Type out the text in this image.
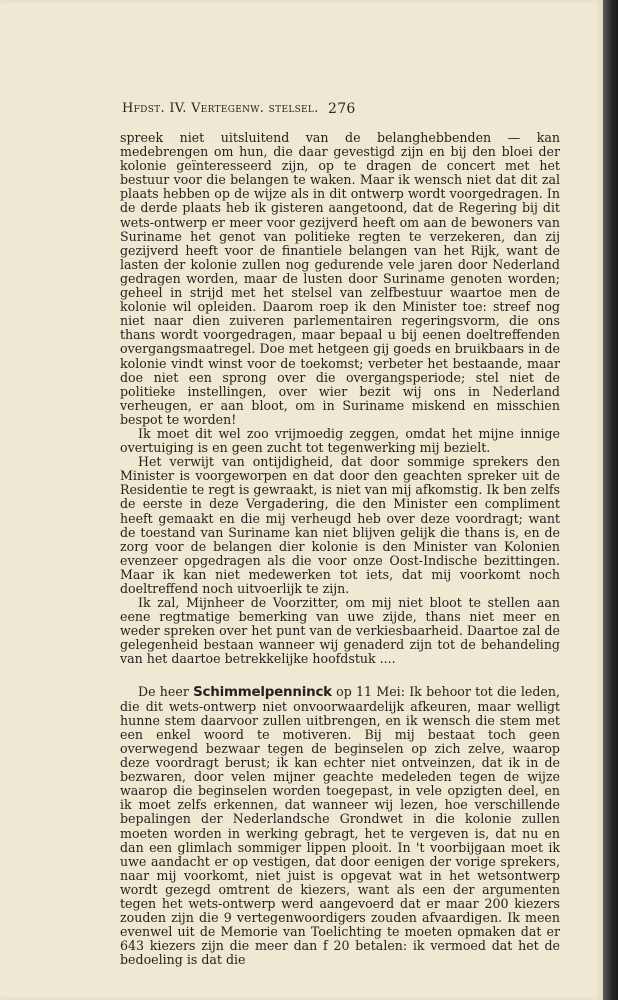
Hfdst. IV. Vertegenw. stelsel. 276

spreek niet uitsluitend van de belanghebbenden — kan medebrengen om hun, die daar gevestigd zijn en bij den bloei der kolonie geïnteresseerd zijn, op te dragen de concert met het bestuur voor die belangen te waken. Maar ik wensch niet dat dit zal plaats hebben op de wijze als in dit ontwerp wordt voorgedragen. In de derde plaats heb ik gisteren aangetoond, dat de Regering bij dit wets-ontwerp er meer voor gezijverd heeft om aan de bewoners van Suriname het genot van politieke regten te verzekeren, dan zij gezijverd heeft voor de finantiele belangen van het Rijk, want de lasten der kolonie zullen nog gedurende vele jaren door Nederland gedragen worden, maar de lusten door Suriname genoten worden; geheel in strijd met het stelsel van zelfbestuur waartoe men de kolonie wil opleiden. Daarom roep ik den Minister toe: streef nog niet naar dien zuiveren parlementairen regeringsvorm, die ons thans wordt voorgedragen, maar bepaal u bij eenen doeltreffenden overgangsmaatregel. Doe met hetgeen gij goeds en bruikbaars in de kolonie vindt winst voor de toekomst; verbeter het bestaande, maar doe niet een sprong over die overgangsperiode; stel niet de politieke instellingen, over wier bezit wij ons in Nederland verheugen, er aan bloot, om in Suriname miskend en misschien bespot te worden!

Ik moet dit wel zoo vrijmoedig zeggen, omdat het mijne innige overtuiging is en geen zucht tot tegenwerking mij bezielt.

Het verwijt van ontijdigheid, dat door sommige sprekers den Minister is voorgeworpen en dat door den geachten spreker uit de Residentie te regt is gewraakt, is niet van mij afkomstig. Ik ben zelfs de eerste in deze Vergadering, die den Minister een compliment heeft gemaakt en die mij verheugd heb over deze voordragt; want de toestand van Suriname kan niet blijven gelijk die thans is, en de zorg voor de belangen dier kolonie is den Minister van Kolonien evenzeer opgedragen als die voor onze Oost-Indische bezittingen. Maar ik kan niet medewerken tot iets, dat mij voorkomt noch doeltreffend noch uitvoerlijk te zijn.

Ik zal, Mijnheer de Voorzitter, om mij niet bloot te stellen aan eene regtmatige bemerking van uwe zijde, thans niet meer en weder spreken over het punt van de verkiesbaarheid. Daartoe zal de gelegenheid bestaan wanneer wij genaderd zijn tot de behandeling van het daartoe betrekkelijke hoofdstuk ....

De heer Schimmelpenninck op 11 Mei: Ik behoor tot die leden, die dit wets-ontwerp niet onvoorwaardelijk afkeuren, maar welligt hunne stem daarvoor zullen uitbrengen, en ik wensch die stem met een enkel woord te motiveren. Bij mij bestaat toch geen overwegend bezwaar tegen de beginselen op zich zelve, waarop deze voordragt berust; ik kan echter niet ontveinzen, dat ik in de bezwaren, door velen mijner geachte medeleden tegen de wijze waarop die beginselen worden toegepast, in vele opzigten deel, en ik moet zelfs erkennen, dat wanneer wij lezen, hoe verschillende bepalingen der Nederlandsche Grondwet in die kolonie zullen moeten worden in werking gebragt, het te vergeven is, dat nu en dan een glimlach sommiger lippen plooit. In 't voorbijgaan moet ik uwe aandacht er op vestigen, dat door eenigen der vorige sprekers, naar mij voorkomt, niet juist is opgevat wat in het wetsontwerp wordt gezegd omtrent de kiezers, want als een der argumenten tegen het wets-ontwerp werd aangevoerd dat er maar 200 kiezers zouden zijn die 9 vertegenwoordigers zouden afvaardigen. Ik meen evenwel uit de Memorie van Toelichting te moeten opmaken dat er 643 kiezers zijn die meer dan f 20 betalen: ik vermoed dat het de bedoeling is dat die
